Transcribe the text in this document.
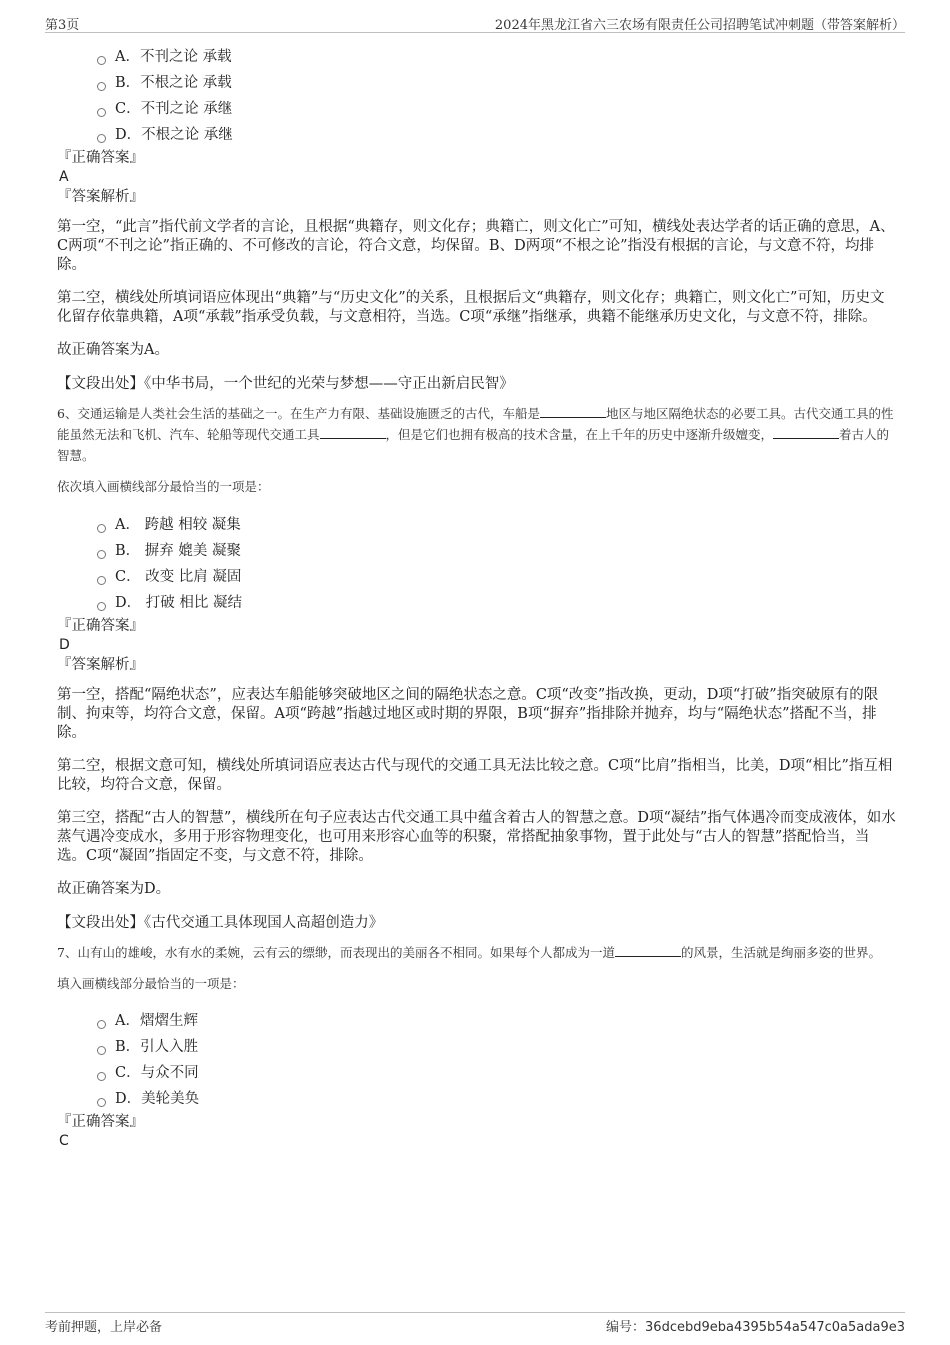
第3页	2024年黑龙江省六三农场有限责任公司招聘笔试冲刺题（带答案解析）
A．不刊之论 承载
B．不根之论 承载
C．不刊之论 承继
D．不根之论 承继

『正确答案』

A

『答案解析』

第一空，“此言”指代前文学者的言论，且根据“典籍存，则文化存；典籍亡，则文化亡”可知，横线处表达学者的话正确的意思，A、C两项“不刊之论”指正确的、不可修改的言论，符合文意，均保留。B、D两项“不根之论”指没有根据的言论，与文意不符，均排除。

第二空，横线处所填词语应体现出“典籍”与“历史文化”的关系，且根据后文“典籍存，则文化存；典籍亡，则文化亡”可知，历史文化留存依靠典籍，A项“承载”指承受负载，与文意相符，当选。C项“承继”指继承，典籍不能继承历史文化，与文意不符，排除。

故正确答案为A。

【文段出处】《中华书局，一个世纪的光荣与梦想——守正出新启民智》

6、交通运输是人类社会生活的基础之一。在生产力有限、基础设施匮乏的古代，车船是	地区与地区隔绝状态的必要工具。古代交通工具的性能虽然无法和飞机、汽车、轮船等现代交通工具	，但是它们也拥有极高的技术含量，在上千年的历史中逐渐升级嬗变，	着古人的智慧。

依次填入画横线部分最恰当的一项是：

A． 跨越 相较 凝集
B． 摒弃 媲美 凝聚
C． 改变 比肩 凝固
D． 打破 相比 凝结

『正确答案』

D

『答案解析』

第一空，搭配“隔绝状态”，应表达车船能够突破地区之间的隔绝状态之意。C项“改变”指改换，更动，D项“打破”指突破原有的限制、拘束等，均符合文意，保留。A项“跨越”指越过地区或时期的界限，B项“摒弃”指排除并抛弃，均与“隔绝状态”搭配不当，排除。

第二空，根据文意可知，横线处所填词语应表达古代与现代的交通工具无法比较之意。C项“比肩”指相当，比美，D项“相比”指互相比较，均符合文意，保留。

第三空，搭配“古人的智慧”，横线所在句子应表达古代交通工具中蕴含着古人的智慧之意。D项“凝结”指气体遇冷而变成液体，如水蒸气遇冷变成水，多用于形容物理变化，也可用来形容心血等的积聚，常搭配抽象事物，置于此处与“古人的智慧”搭配恰当，当选。C项“凝固”指固定不变，与文意不符，排除。

故正确答案为D。

【文段出处】《古代交通工具体现国人高超创造力》

7、山有山的雄峻，水有水的柔婉，云有云的缥缈，而表现出的美丽各不相同。如果每个人都成为一道	的风景，生活就是绚丽多姿的世界。

填入画横线部分最恰当的一项是：

A．熠熠生辉
B．引人入胜
C．与众不同
D．美轮美奂

『正确答案』

C

考前押题，上岸必备	编号：36dcebd9eba4395b54a547c0a5ada9e3
